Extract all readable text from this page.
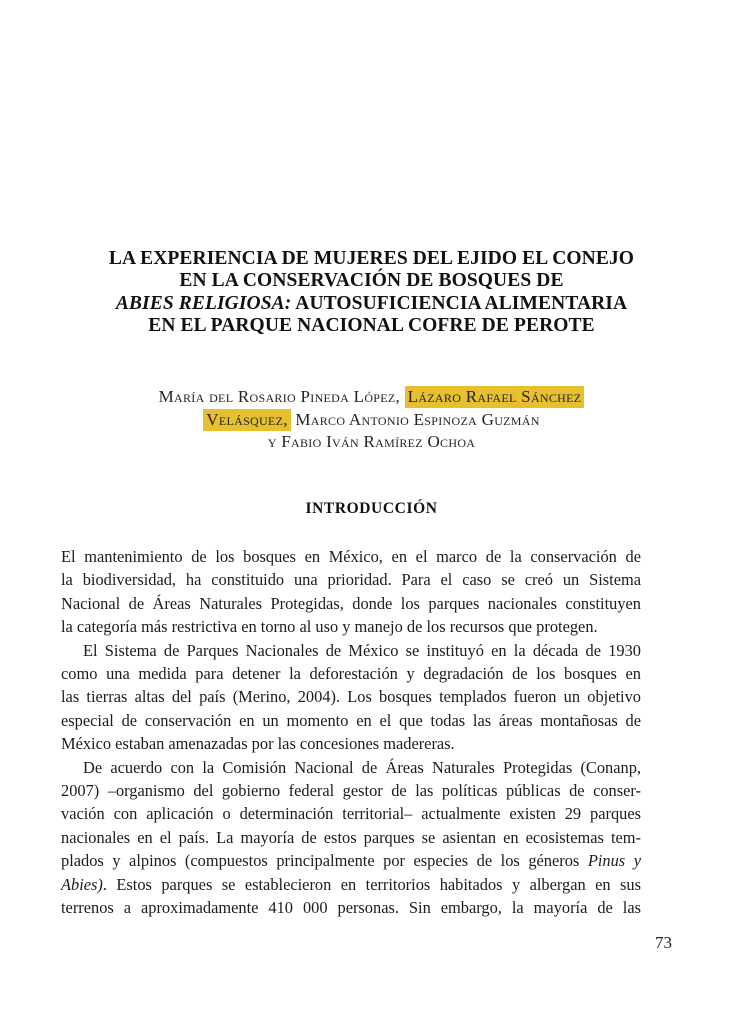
LA EXPERIENCIA DE MUJERES DEL EJIDO EL CONEJO
EN LA CONSERVACIÓN DE BOSQUES DE
ABIES RELIGIOSA: AUTOSUFICIENCIA ALIMENTARIA
EN EL PARQUE NACIONAL COFRE DE PEROTE
María del Rosario Pineda López, Lázaro Rafael Sánchez
Velásquez, Marco Antonio Espinoza Guzmán
y Fabio Iván Ramírez Ochoa
INTRODUCCIÓN
El mantenimiento de los bosques en México, en el marco de la conservación de
la biodiversidad, ha constituido una prioridad. Para el caso se creó un Sistema
Nacional de Áreas Naturales Protegidas, donde los parques nacionales constituyen
la categoría más restrictiva en torno al uso y manejo de los recursos que protegen.
El Sistema de Parques Nacionales de México se instituyó en la década de 1930
como una medida para detener la deforestación y degradación de los bosques en
las tierras altas del país (Merino, 2004). Los bosques templados fueron un objetivo
especial de conservación en un momento en el que todas las áreas montañosas de
México estaban amenazadas por las concesiones madereras.
De acuerdo con la Comisión Nacional de Áreas Naturales Protegidas (Conanp,
2007) –organismo del gobierno federal gestor de las políticas públicas de conser-
vación con aplicación o determinación territorial– actualmente existen 29 parques
nacionales en el país. La mayoría de estos parques se asientan en ecosistemas tem-
plados y alpinos (compuestos principalmente por especies de los géneros Pinus y
Abies). Estos parques se establecieron en territorios habitados y albergan en sus
terrenos a aproximadamente 410 000 personas. Sin embargo, la mayoría de las
73
